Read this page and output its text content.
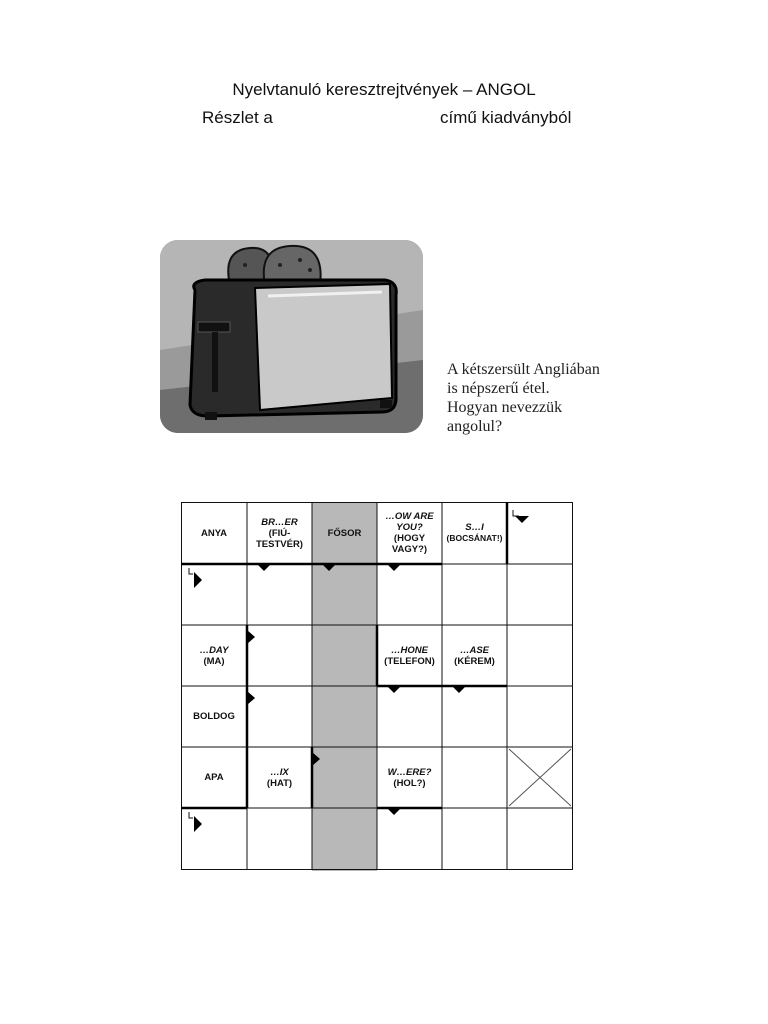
Nyelvtanuló keresztrejtvények – ANGOL
Részlet a	című kiadványból
A kétszersült Angliában
is népszerű étel.
Hogyan nevezzük
angolul?
ANYA
BR…ER
(FIÚ-
TESTVÉR)
FŐSOR
…OW ARE
YOU?
(HOGY
VAGY?)
S…I
(BOCSÁNAT!)
…DAY
(MA)
…HONE
(TELEFON)
…ASE
(KÉREM)
BOLDOG
APA	…IX
(HAT)
W…ERE?
(HOL?)
